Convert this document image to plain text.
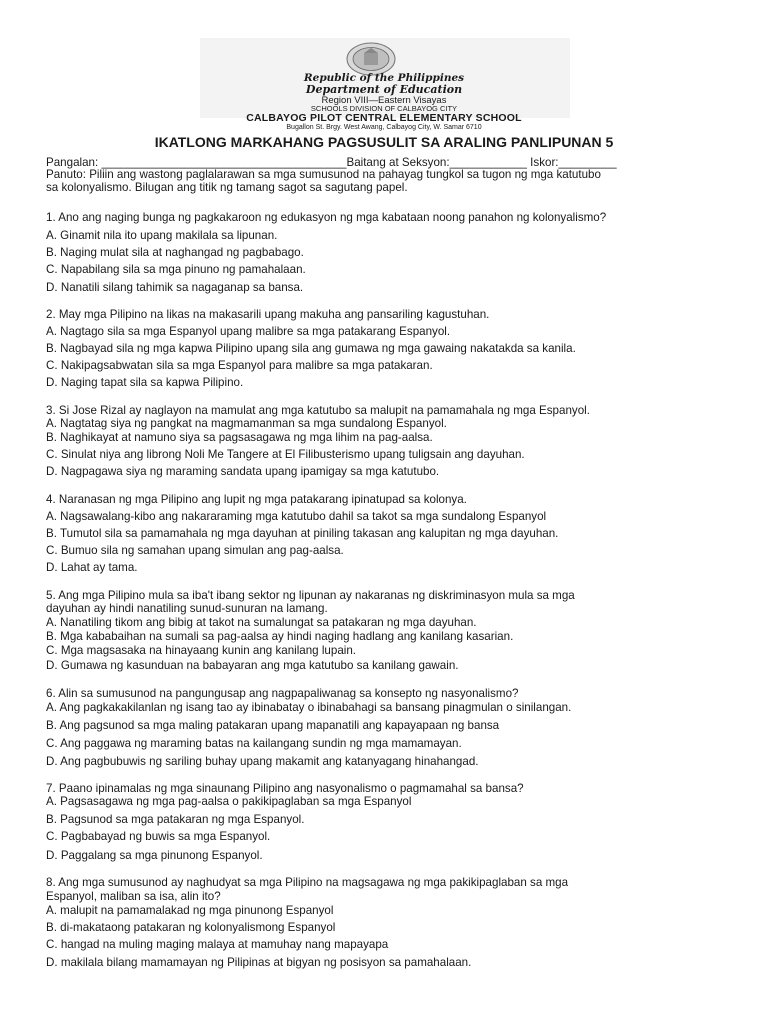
Republic of the Philippines
Department of Education
Region VIII—Eastern Visayas
SCHOOLS DIVISION OF CALBAYOG CITY
CALBAYOG PILOT CENTRAL ELEMENTARY SCHOOL
Bugallon St. Brgy. West Awang, Calbayog City, W. Samar 6710
IKATLONG MARKAHANG PAGSUSULIT SA ARALING PANLIPUNAN 5
Pangalan: ______________________________________Baitang at Seksyon:____________ Iskor:_________
Panuto: Piliin ang wastong paglalarawan sa mga sumusunod na pahayag tungkol sa tugon ng mga katutubo
sa kolonyalismo. Bilugan ang titik ng tamang sagot sa sagutang papel.
1. Ano ang naging bunga ng pagkakaroon ng edukasyon ng mga kabataan noong panahon ng kolonyalismo?
A. Ginamit nila ito upang makilala sa lipunan.
B. Naging mulat sila at naghangad ng pagbabago.
C. Napabilang sila sa mga pinuno ng pamahalaan.
D. Nanatili silang tahimik sa nagaganap sa bansa.
2. May mga Pilipino na likas na makasarili upang makuha ang pansariling kagustuhan.
A. Nagtago sila sa mga Espanyol upang malibre sa mga patakarang Espanyol.
B. Nagbayad sila ng mga kapwa Pilipino upang sila ang gumawa ng mga gawaing nakatakda sa kanila.
C. Nakipagsabwatan sila sa mga Espanyol para malibre sa mga patakaran.
D. Naging tapat sila sa kapwa Pilipino.
3. Si Jose Rizal ay naglayon na mamulat ang mga katutubo sa malupit na pamamahala ng mga Espanyol.
A. Nagtatag siya ng pangkat na magmamanman sa mga sundalong Espanyol.
B. Naghikayat at namuno siya sa pagsasagawa ng mga lihim na pag-aalsa.
C. Sinulat niya ang librong Noli Me Tangere at El Filibusterismo upang tuligsain ang dayuhan.
D. Nagpagawa siya ng maraming sandata upang ipamigay sa mga katutubo.
4. Naranasan ng mga Pilipino ang lupit ng mga patakarang ipinatupad sa kolonya.
A. Nagsawalang-kibo ang nakararaming mga katutubo dahil sa takot sa mga sundalong Espanyol
B. Tumutol sila sa pamamahala ng mga dayuhan at piniling takasan ang kalupitan ng mga dayuhan.
C. Bumuo sila ng samahan upang simulan ang pag-aalsa.
D. Lahat ay tama.
5. Ang mga Pilipino mula sa iba't ibang sektor ng lipunan ay nakaranas ng diskriminasyon mula sa mga
dayuhan ay hindi nanatiling sunud-sunuran na lamang.
A. Nanatiling tikom ang bibig at takot na sumalungat sa patakaran ng mga dayuhan.
B. Mga kababaihan na sumali sa pag-aalsa ay hindi naging hadlang ang kanilang kasarian.
C. Mga magsasaka na hinayaang kunin ang kanilang lupain.
D. Gumawa ng kasunduan na babayaran ang mga katutubo sa kanilang gawain.
6. Alin sa sumusunod na pangungusap ang nagpapaliwanag sa konsepto ng nasyonalismo?
A. Ang pagkakakilanlan ng isang tao ay ibinabatay o ibinabahagi sa bansang pinagmulan o sinilangan.
B. Ang pagsunod sa mga maling patakaran upang mapanatili ang kapayapaan ng bansa
C. Ang paggawa ng maraming batas na kailangang sundin ng mga mamamayan.
D. Ang pagbubuwis ng sariling buhay upang makamit ang katanyagang hinahangad.
7. Paano ipinamalas ng mga sinaunang Pilipino ang nasyonalismo o pagmamahal sa bansa?
A. Pagsasagawa ng mga pag-aalsa o pakikipaglaban sa mga Espanyol
B. Pagsunod sa mga patakaran ng mga Espanyol.
C. Pagbabayad ng buwis sa mga Espanyol.
D. Paggalang sa mga pinunong Espanyol.
8. Ang mga sumusunod ay naghudyat sa mga Pilipino na magsagawa ng mga pakikipaglaban sa mga
Espanyol, maliban sa isa, alin ito?
A. malupit na pamamalakad ng mga pinunong Espanyol
B. di-makataong patakaran ng kolonyalismong Espanyol
C. hangad na muling maging malaya at mamuhay nang mapayapa
D. makilala bilang mamamayan ng Pilipinas at bigyan ng posisyon sa pamahalaan.
